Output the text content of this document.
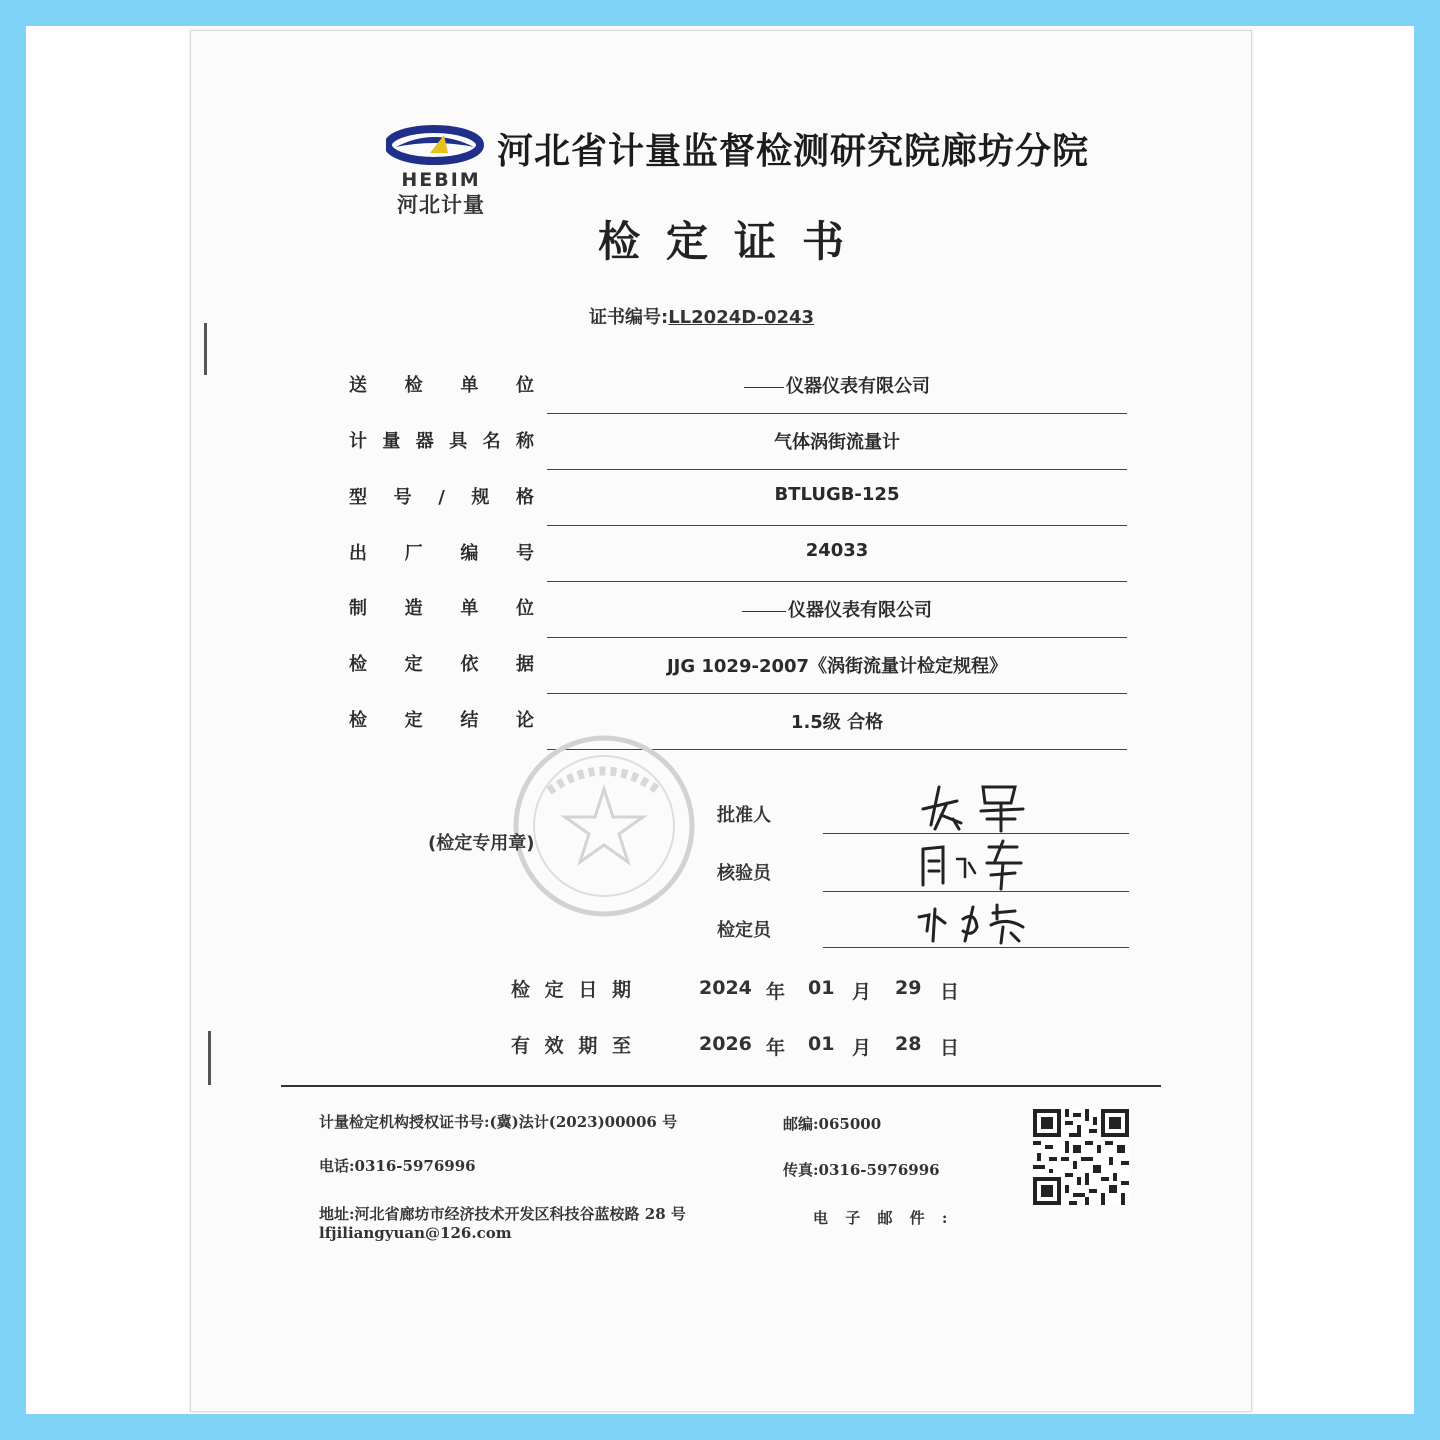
HEBIM
河北计量
河北省计量监督检测研究院廊坊分院
检定证书
证书编号:LL2024D-0243
送检单位	仪器仪表有限公司
计量器具名称	气体涡街流量计
型号/规格	BTLUGB-125
出厂编号	24033
制造单位	仪器仪表有限公司
检定依据	JJG 1029-2007《涡街流量计检定规程》
检定结论	1.5级 合格
(检定专用章)
批准人
核验员
检定员
检定日期	2024 年 01 月 29 日
有效期至	2026 年 01 月 28 日
计量检定机构授权证书号:(冀)法计(2023)00006 号	邮编:065000
电话:0316-5976996	传真:0316-5976996
地址:河北省廊坊市经济技术开发区科技谷蓝桉路 28 号	电 子 邮 件 :
lfjiliangyuan@126.com
